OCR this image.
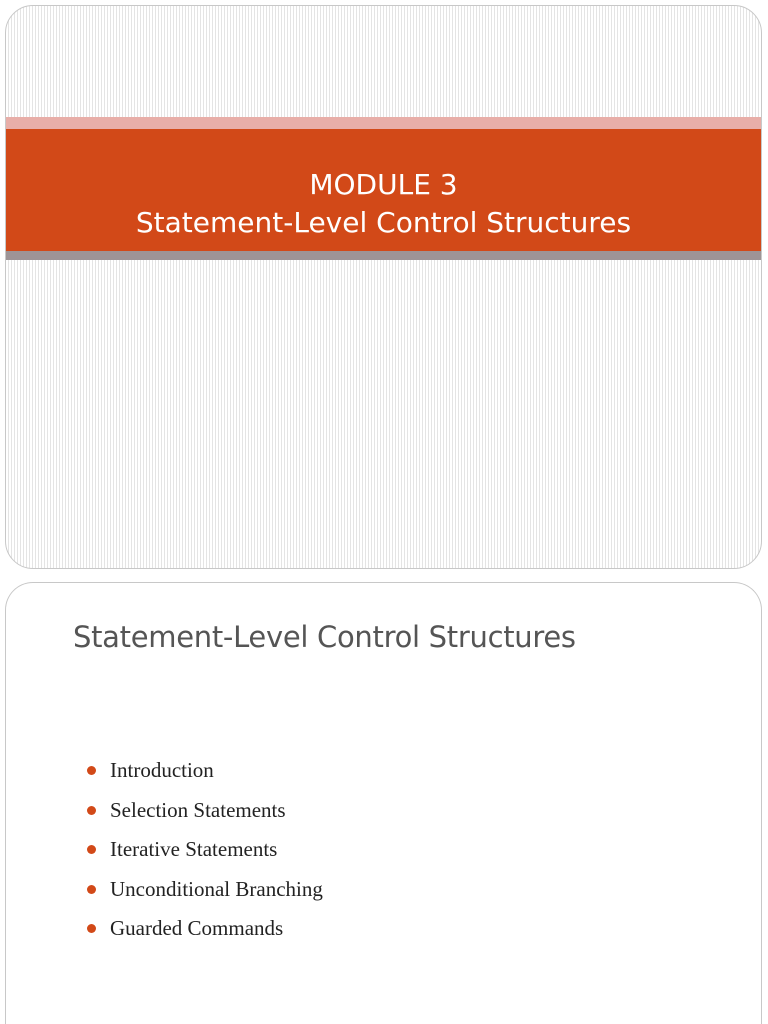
MODULE 3
Statement-Level Control Structures
Statement-Level Control Structures
Introduction
Selection Statements
Iterative Statements
Unconditional Branching
Guarded Commands
